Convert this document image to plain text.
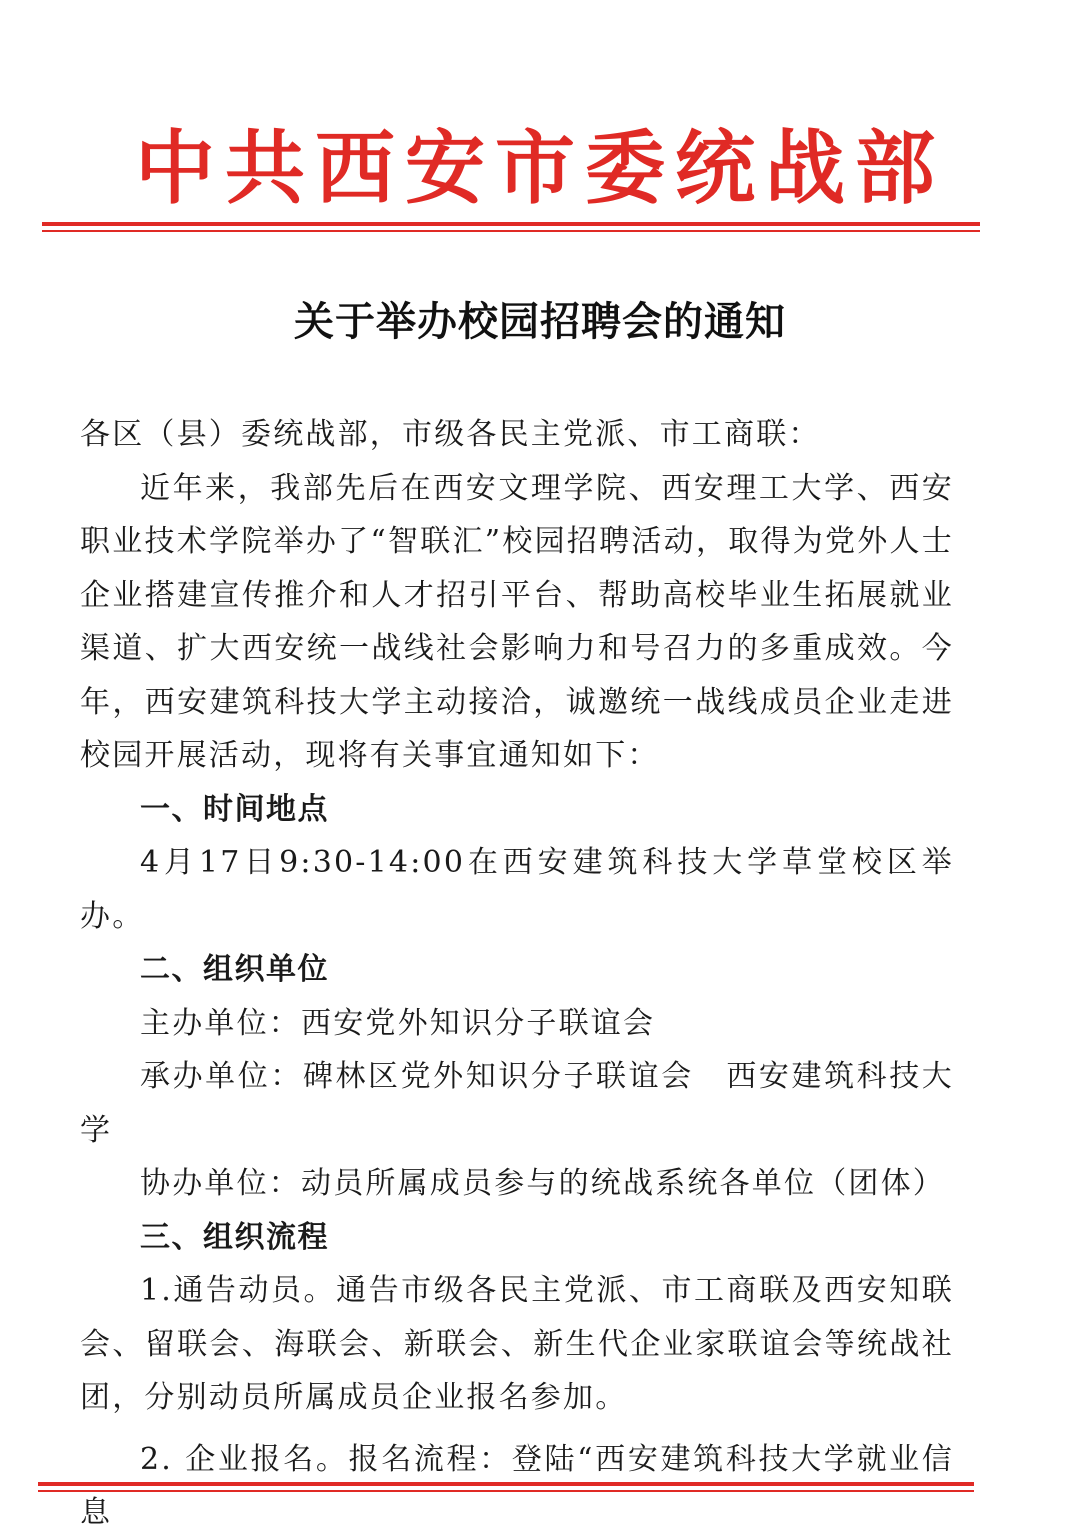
中共西安市委统战部
关于举办校园招聘会的通知

各区（县）委统战部，市级各民主党派、市工商联：

近年来，我部先后在西安文理学院、西安理工大学、西安职业技术学院举办了“智联汇”校园招聘活动，取得为党外人士企业搭建宣传推介和人才招引平台、帮助高校毕业生拓展就业渠道、扩大西安统一战线社会影响力和号召力的多重成效。今年，西安建筑科技大学主动接洽，诚邀统一战线成员企业走进校园开展活动，现将有关事宜通知如下：

一、时间地点

4月17日9:30-14:00在西安建筑科技大学草堂校区举办。

二、组织单位

主办单位：西安党外知识分子联谊会

承办单位：碑林区党外知识分子联谊会　西安建筑科技大学

协办单位：动员所属成员参与的统战系统各单位（团体）

三、组织流程

1.通告动员。通告市级各民主党派、市工商联及西安知联会、留联会、海联会、新联会、新生代企业家联谊会等统战社团，分别动员所属成员企业报名参加。

2. 企业报名。报名流程：登陆“西安建筑科技大学就业信息
